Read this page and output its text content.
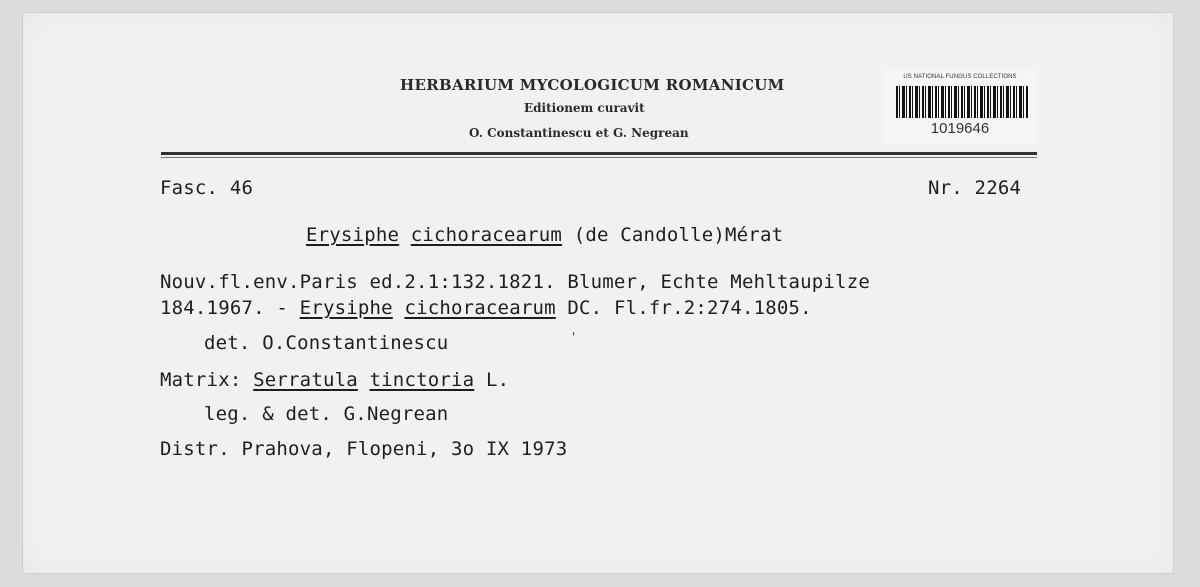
HERBARIUM MYCOLOGICUM ROMANICUM
Editionem curavit
O. Constantinescu et G. Negrean
US NATIONAL FUNGUS COLLECTIONS
1019646
Fasc. 46	Nr. 2264
Erysiphe cichoracearum (de Candolle)Mérat
Nouv.fl.env.Paris ed.2.1:132.1821. Blumer, Echte Mehltaupilze
184.1967. - Erysiphe cichoracearum DC. Fl.fr.2:274.1805.
det. O.Constantinescu	'
Matrix: Serratula tinctoria L.
leg. & det. G.Negrean
Distr. Prahova, Flopeni, 3o IX 1973
